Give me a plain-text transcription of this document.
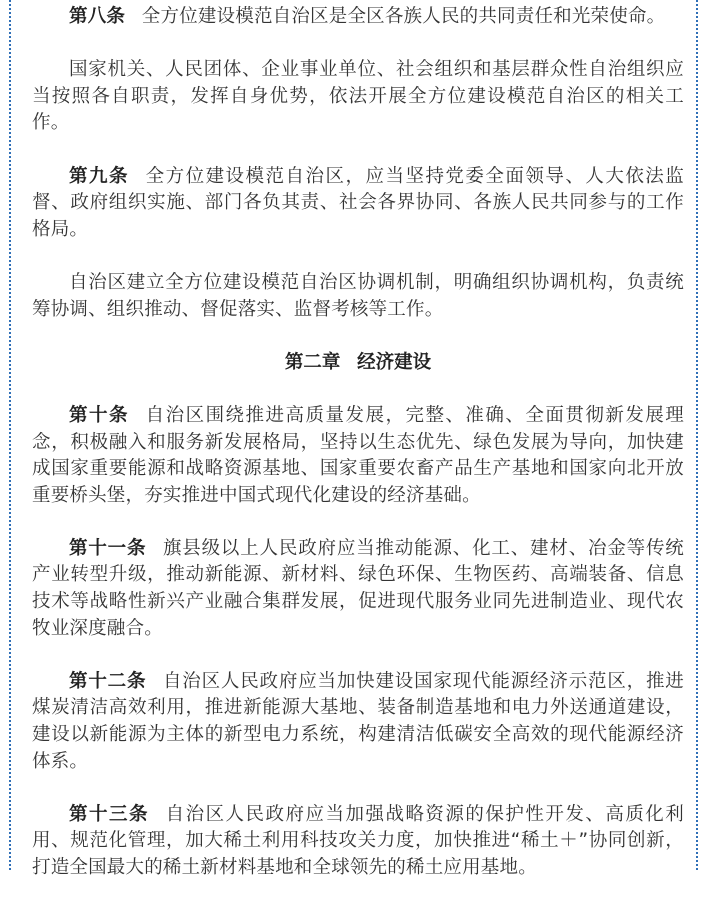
第八条 全方位建设模范自治区是全区各族人民的共同责任和光荣使命。

国家机关、人民团体、企业事业单位、社会组织和基层群众性自治组织应当按照各自职责，发挥自身优势，依法开展全方位建设模范自治区的相关工作。

第九条 全方位建设模范自治区，应当坚持党委全面领导、人大依法监督、政府组织实施、部门各负其责、社会各界协同、各族人民共同参与的工作格局。

自治区建立全方位建设模范自治区协调机制，明确组织协调机构，负责统筹协调、组织推动、督促落实、监督考核等工作。

第二章 经济建设

第十条 自治区围绕推进高质量发展，完整、准确、全面贯彻新发展理念，积极融入和服务新发展格局，坚持以生态优先、绿色发展为导向，加快建成国家重要能源和战略资源基地、国家重要农畜产品生产基地和国家向北开放重要桥头堡，夯实推进中国式现代化建设的经济基础。

第十一条 旗县级以上人民政府应当推动能源、化工、建材、冶金等传统产业转型升级，推动新能源、新材料、绿色环保、生物医药、高端装备、信息技术等战略性新兴产业融合集群发展，促进现代服务业同先进制造业、现代农牧业深度融合。

第十二条 自治区人民政府应当加快建设国家现代能源经济示范区，推进煤炭清洁高效利用，推进新能源大基地、装备制造基地和电力外送通道建设，建设以新能源为主体的新型电力系统，构建清洁低碳安全高效的现代能源经济体系。

第十三条 自治区人民政府应当加强战略资源的保护性开发、高质化利用、规范化管理，加大稀土利用科技攻关力度，加快推进“稀土＋”协同创新，打造全国最大的稀土新材料基地和全球领先的稀土应用基地。
